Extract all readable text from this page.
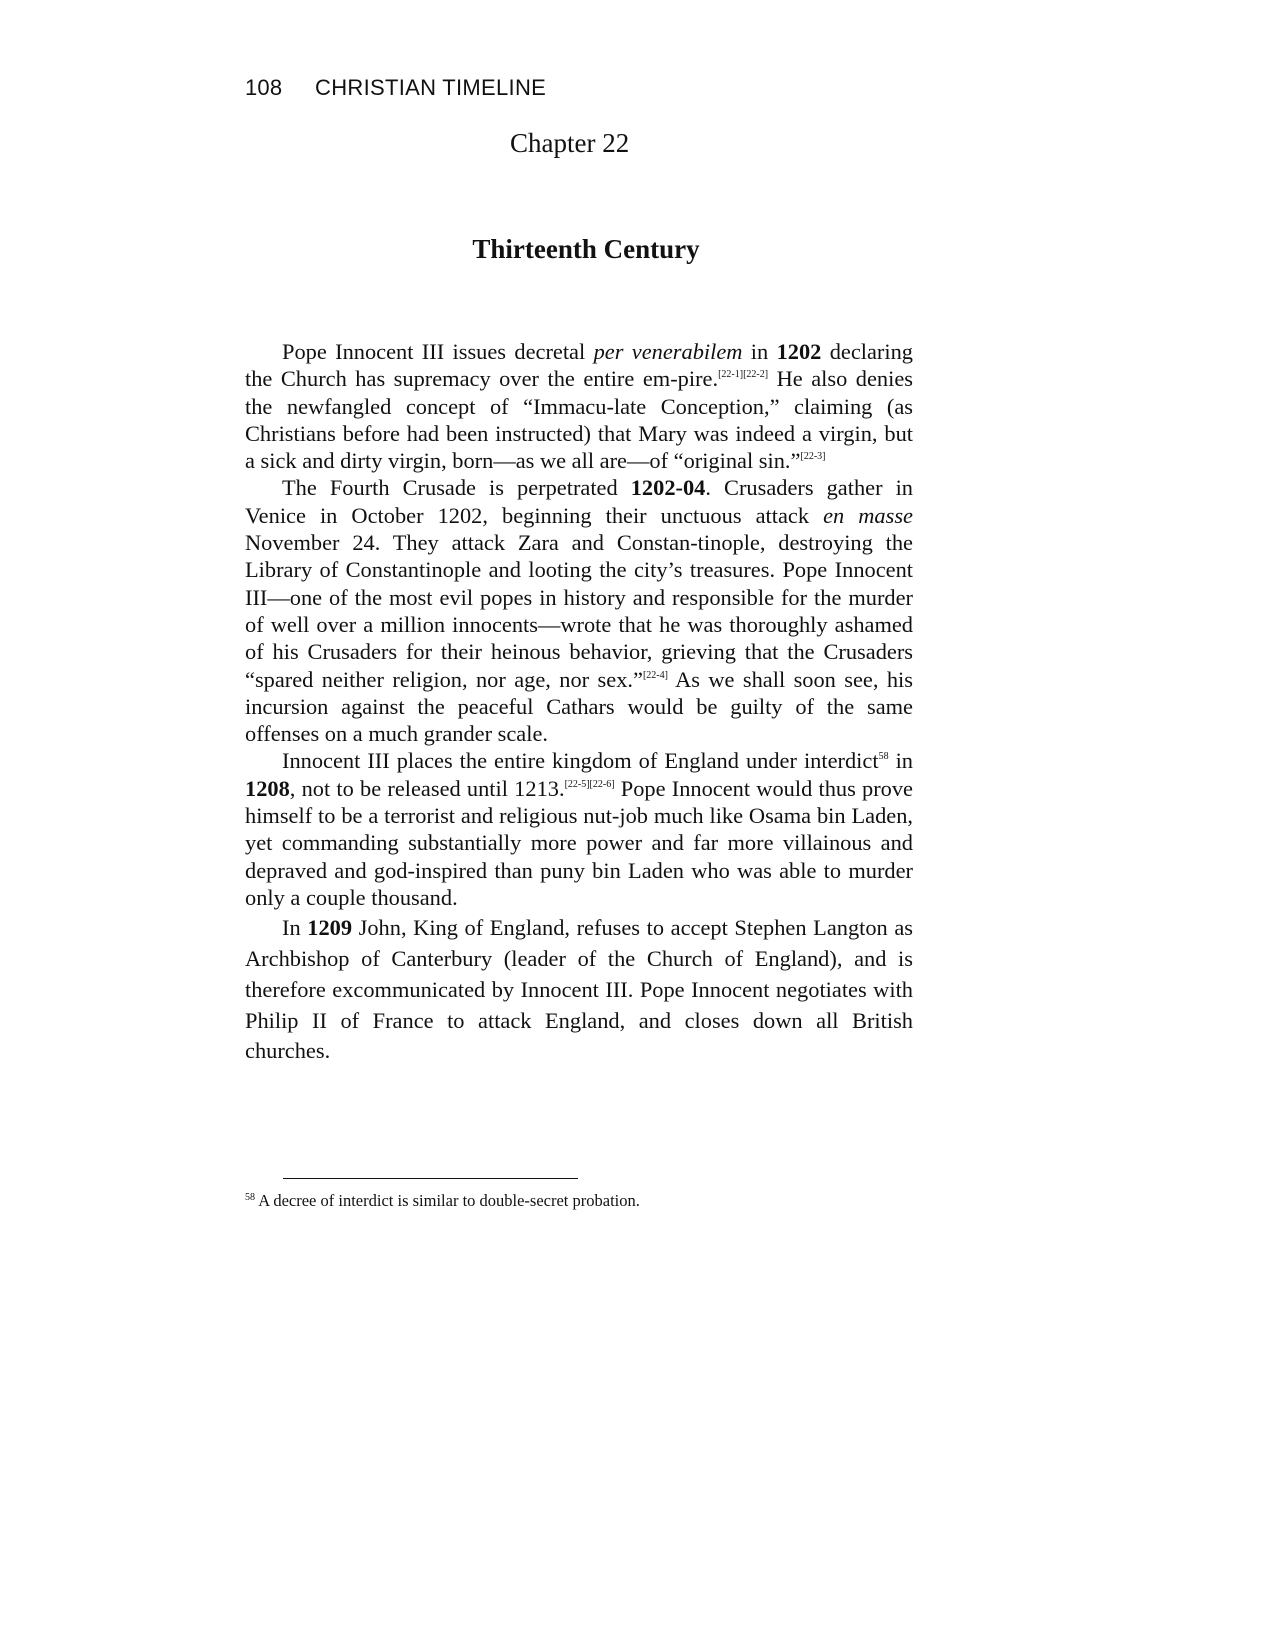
108 CHRISTIAN TIMELINE
Chapter 22
Thirteenth Century

Pope Innocent III issues decretal per venerabilem in 1202 declaring the Church has supremacy over the entire em-pire.[22-1][22-2] He also denies the newfangled concept of “Immacu-late Conception,” claiming (as Christians before had been instructed) that Mary was indeed a virgin, but a sick and dirty virgin, born—as we all are—of “original sin.”[22-3]

The Fourth Crusade is perpetrated 1202-04. Crusaders gather in Venice in October 1202, beginning their unctuous attack en masse November 24. They attack Zara and Constan-tinople, destroying the Library of Constantinople and looting the city’s treasures. Pope Innocent III—one of the most evil popes in history and responsible for the murder of well over a million innocents—wrote that he was thoroughly ashamed of his Crusaders for their heinous behavior, grieving that the Crusaders “spared neither religion, nor age, nor sex.”[22-4] As we shall soon see, his incursion against the peaceful Cathars would be guilty of the same offenses on a much grander scale.

Innocent III places the entire kingdom of England under interdict$^{58}$ in 1208, not to be released until 1213.[22-5][22-6] Pope Innocent would thus prove himself to be a terrorist and religious nut-job much like Osama bin Laden, yet commanding substantially more power and far more villainous and depraved and god-inspired than puny bin Laden who was able to murder only a couple thousand.

In 1209 John, King of England, refuses to accept Stephen Langton as Archbishop of Canterbury (leader of the Church of England), and is therefore excommunicated by Innocent III. Pope Innocent negotiates with Philip II of France to attack England, and closes down all British churches.

$^{58}$ A decree of interdict is similar to double-secret probation.
